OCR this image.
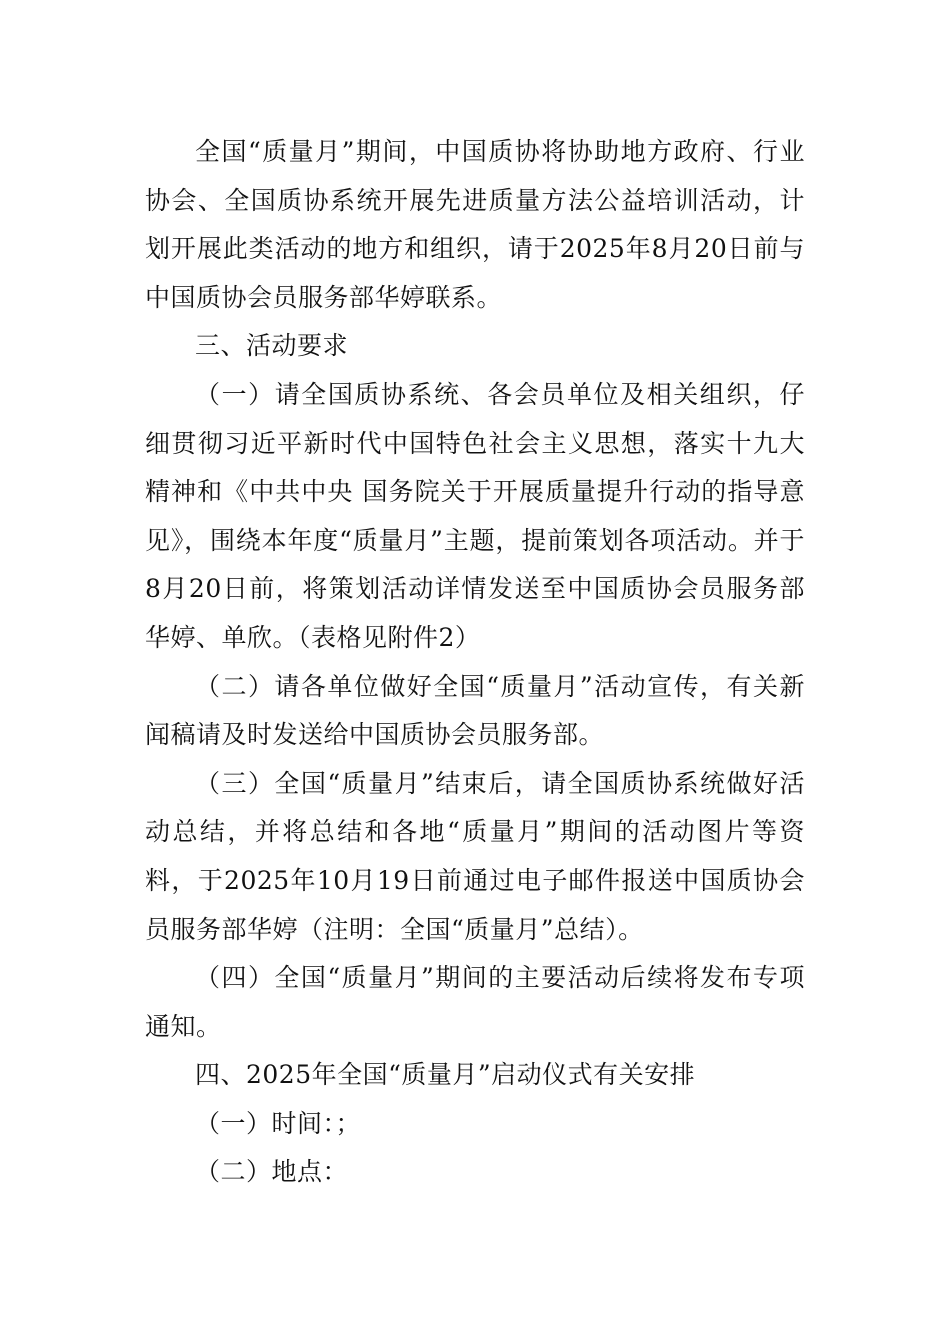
全国“质量月”期间，中国质协将协助地方政府、行业协会、全国质协系统开展先进质量方法公益培训活动，计划开展此类活动的地方和组织，请于2025年8月20日前与中国质协会员服务部华婷联系。

三、活动要求

（一）请全国质协系统、各会员单位及相关组织，仔细贯彻习近平新时代中国特色社会主义思想，落实十九大精神和《中共中央 国务院关于开展质量提升行动的指导意见》，围绕本年度“质量月”主题，提前策划各项活动。并于8月20日前，将策划活动详情发送至中国质协会员服务部华婷、单欣。（表格见附件2）

（二）请各单位做好全国“质量月”活动宣传，有关新闻稿请及时发送给中国质协会员服务部。

（三）全国“质量月”结束后，请全国质协系统做好活动总结，并将总结和各地“质量月”期间的活动图片等资料，于2025年10月19日前通过电子邮件报送中国质协会员服务部华婷（注明：全国“质量月”总结）。

（四）全国“质量月”期间的主要活动后续将发布专项通知。

四、2025年全国“质量月”启动仪式有关安排

（一）时间：；

（二）地点：
